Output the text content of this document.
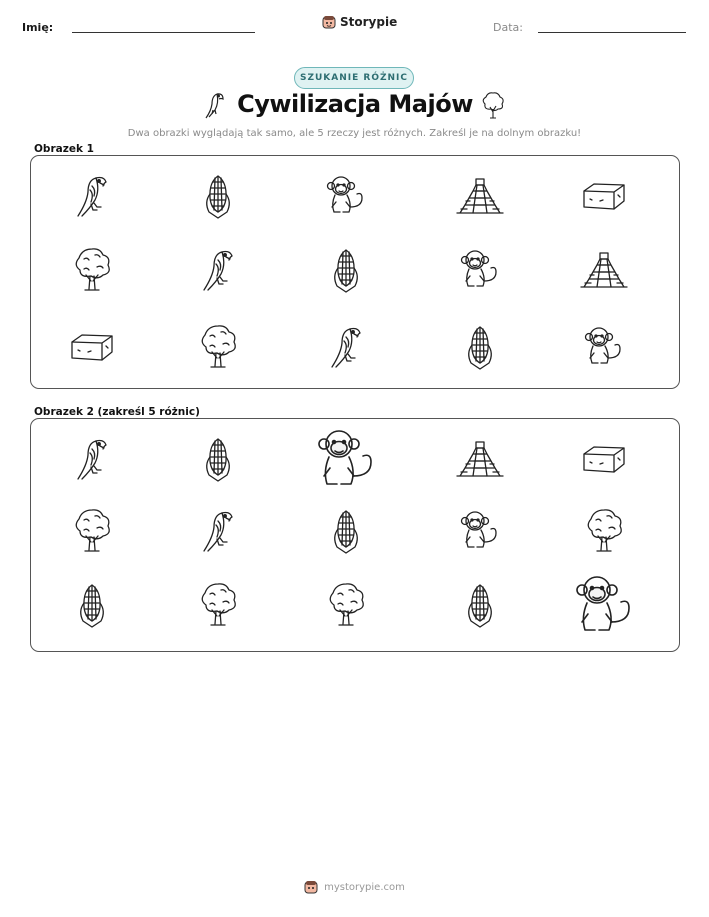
Imię:	Storypie	Data:
SZUKANIE RÓŻNIC
Cywilizacja Majów
Dwa obrazki wyglądają tak samo, ale 5 rzeczy jest różnych. Zakreśl je na dolnym obrazku!
Obrazek 1
Obrazek 2 (zakreśl 5 różnic)
mystorypie.com
